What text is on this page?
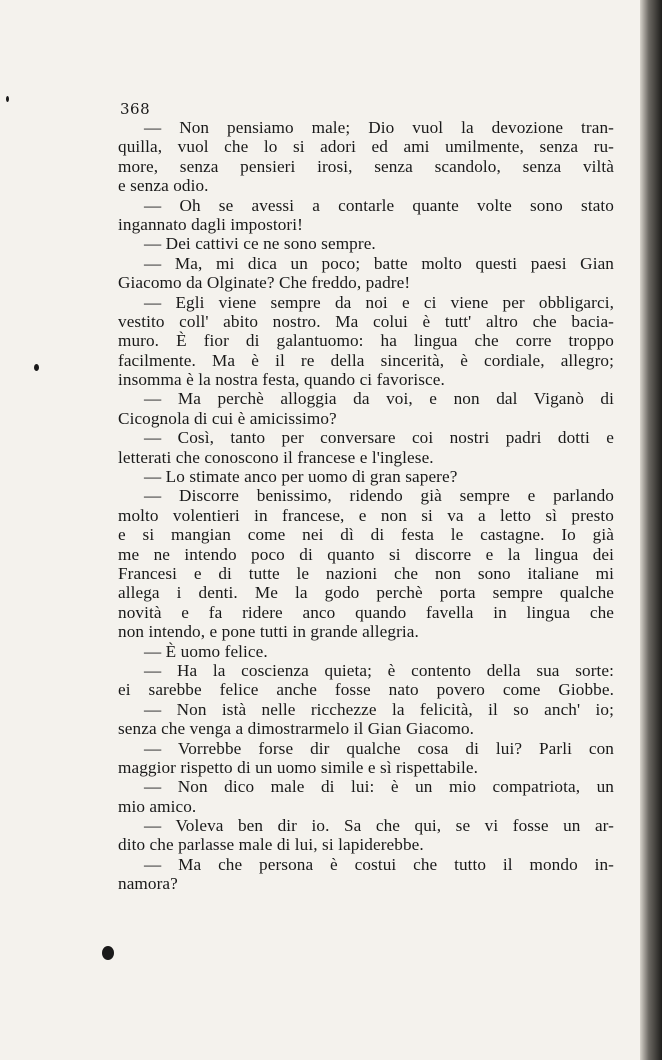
368
— Non pensiamo male; Dio vuol la devozione tran-
quilla, vuol che lo si adori ed ami umilmente, senza ru-
more, senza pensieri irosi, senza scandolo, senza viltà
e senza odio.
— Oh se avessi a contarle quante volte sono stato
ingannato dagli impostori!
— Dei cattivi ce ne sono sempre.
— Ma, mi dica un poco; batte molto questi paesi Gian
Giacomo da Olginate? Che freddo, padre!
— Egli viene sempre da noi e ci viene per obbligarci,
vestito coll' abito nostro. Ma colui è tutt' altro che bacia-
muro. È fior di galantuomo: ha lingua che corre troppo
facilmente. Ma è il re della sincerità, è cordiale, allegro;
insomma è la nostra festa, quando ci favorisce.
— Ma perchè alloggia da voi, e non dal Viganò di
Cicognola di cui è amicissimo?
— Così, tanto per conversare coi nostri padri dotti e
letterati che conoscono il francese e l'inglese.
— Lo stimate anco per uomo di gran sapere?
— Discorre benissimo, ridendo già sempre e parlando
molto volentieri in francese, e non si va a letto sì presto
e si mangian come nei dì di festa le castagne. Io già
me ne intendo poco di quanto si discorre e la lingua dei
Francesi e di tutte le nazioni che non sono italiane mi
allega i denti. Me la godo perchè porta sempre qualche
novità e fa ridere anco quando favella in lingua che
non intendo, e pone tutti in grande allegria.
— È uomo felice.
— Ha la coscienza quieta; è contento della sua sorte:
ei sarebbe felice anche fosse nato povero come Giobbe.
— Non istà nelle ricchezze la felicità, il so anch' io;
senza che venga a dimostrarmelo il Gian Giacomo.
— Vorrebbe forse dir qualche cosa di lui? Parli con
maggior rispetto di un uomo simile e sì rispettabile.
— Non dico male di lui: è un mio compatriota, un
mio amico.
— Voleva ben dir io. Sa che qui, se vi fosse un ar-
dito che parlasse male di lui, si lapiderebbe.
— Ma che persona è costui che tutto il mondo in-
namora?
